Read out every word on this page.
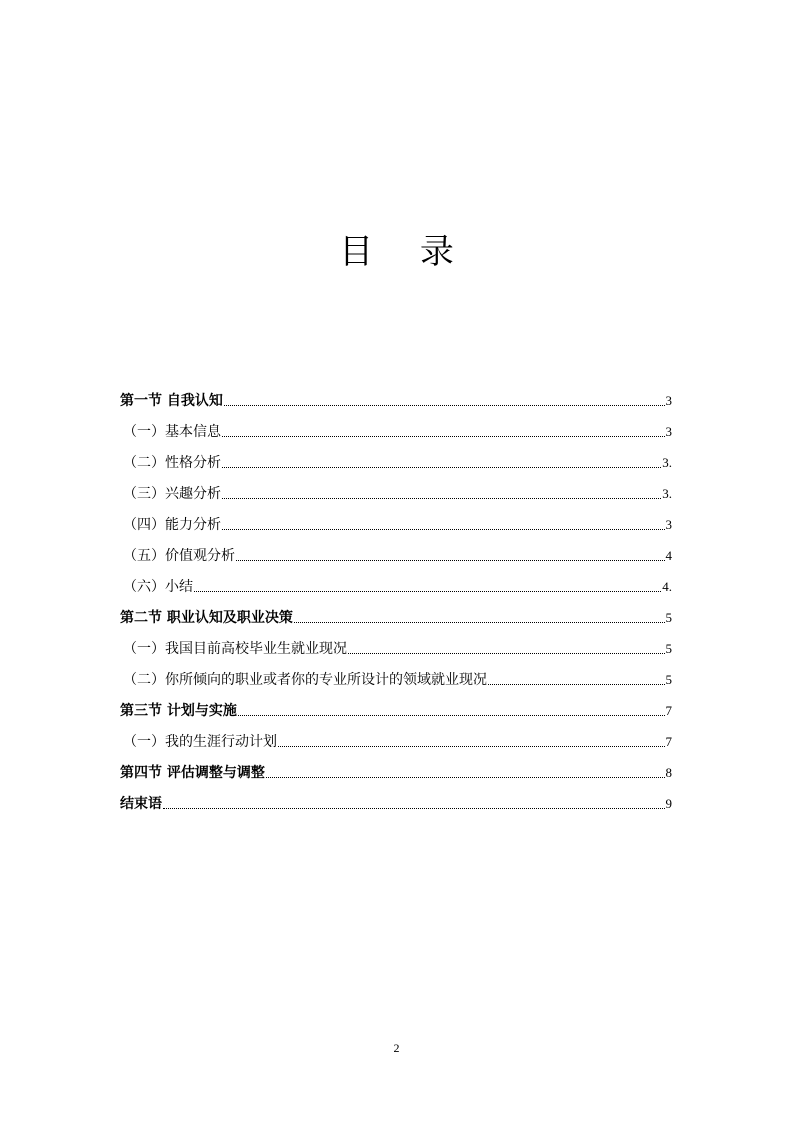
目 录
第一节 自我认知	3
（一）基本信息	3
（二）性格分析	3.
（三）兴趣分析	3.
（四）能力分析	3
（五）价值观分析	4
（六）小结	4.
第二节 职业认知及职业决策	5
（一）我国目前高校毕业生就业现况	5
（二）你所倾向的职业或者你的专业所设计的领域就业现况	5
第三节 计划与实施	7
（一）我的生涯行动计划	7
第四节 评估调整与调整	8
结束语	9
2
